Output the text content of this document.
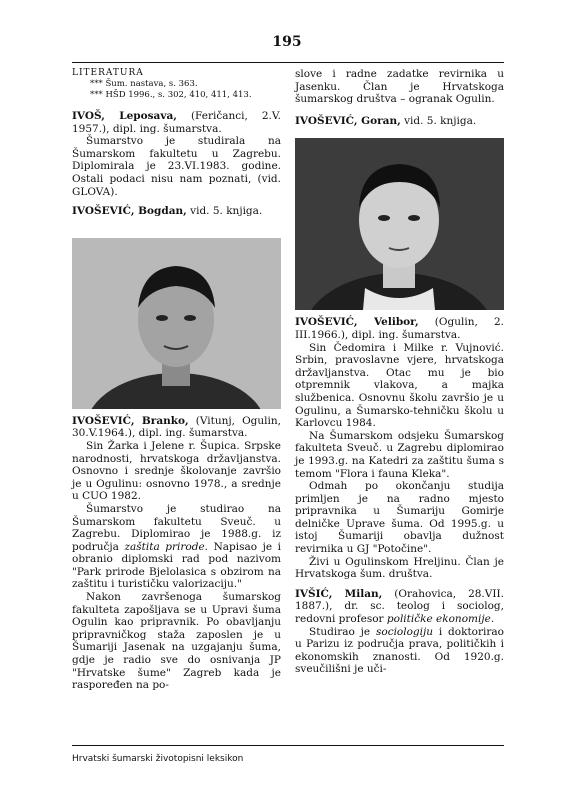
195

LITERATURA

*** Šum. nastava, s. 363.

*** HŠD 1996., s. 302, 410, 411, 413.

IVOŠ, Leposava, (Feričanci, 2.V. 1957.), dipl. ing. šumarstva.

Šumarstvo je studirala na Šumarskom fakultetu u Zagrebu. Diplomirala je 23.VI.1983. godine. Ostali podaci nisu nam poznati, (vid. GLOVA).

IVOŠEVIĆ, Bogdan, vid. 5. knjiga.

IVOŠEVIĆ, Branko, (Vitunj, Ogulin, 30.V.1964.), dipl. ing. šumarstva.

Sin Žarka i Jelene r. Šupica. Srpske narodnosti, hrvatskoga državljanstva. Osnovno i srednje školovanje završio je u Ogulinu: osnovno 1978., a srednje u CUO 1982.

Šumarstvo je studirao na Šumarskom fakultetu Sveuč. u Zagrebu. Diplomirao je 1988.g. iz područja zaštita prirode. Napisao je i obranio diplomski rad pod nazivom "Park prirode Bjelolasica s obzirom na zaštitu i turističku valorizaciju."

Nakon završenoga šumarskog fakulteta zapošljava se u Upravi šuma Ogulin kao pripravnik. Po obavljanju pripravničkog staža zaposlen je u Šumariji Jasenak na uzgajanju šuma, gdje je radio sve do osnivanja JP "Hrvatske šume" Zagreb kada je raspoređen na po-

slove i radne zadatke revirnika u Jasenku. Član je Hrvatskoga šumarskog društva – ogranak Ogulin.

IVOŠEVIĆ, Goran, vid. 5. knjiga.

IVOŠEVIĆ, Velibor, (Ogulin, 2. III.1966.), dipl. ing. šumarstva.

Sin Čedomira i Milke r. Vujnović. Srbin, pravoslavne vjere, hrvatskoga državljanstva. Otac mu je bio otpremnik vlakova, a majka službenica. Osnovnu školu završio je u Ogulinu, a Šumarsko-tehničku školu u Karlovcu 1984.

Na Šumarskom odsjeku Šumarskog fakulteta Sveuč. u Zagrebu diplomirao je 1993.g. na Katedri za zaštitu šuma s temom "Flora i fauna Kleka".

Odmah po okončanju studija primljen je na radno mjesto pripravnika u Šumariju Gomirje delničke Uprave šuma. Od 1995.g. u istoj Šumariji obavlja dužnost revirnika u GJ "Potočine".

Živi u Ogulinskom Hreljinu. Član je Hrvatskoga šum. društva.

IVŠIĆ, Milan, (Orahovica, 28.VII. 1887.), dr. sc. teolog i sociolog, redovni profesor političke ekonomije.

Studirao je sociologiju i doktorirao u Parizu iz područja prava, političkih i ekonomskih znanosti. Od 1920.g. sveučilišni je uči-

Hrvatski šumarski životopisni leksikon
